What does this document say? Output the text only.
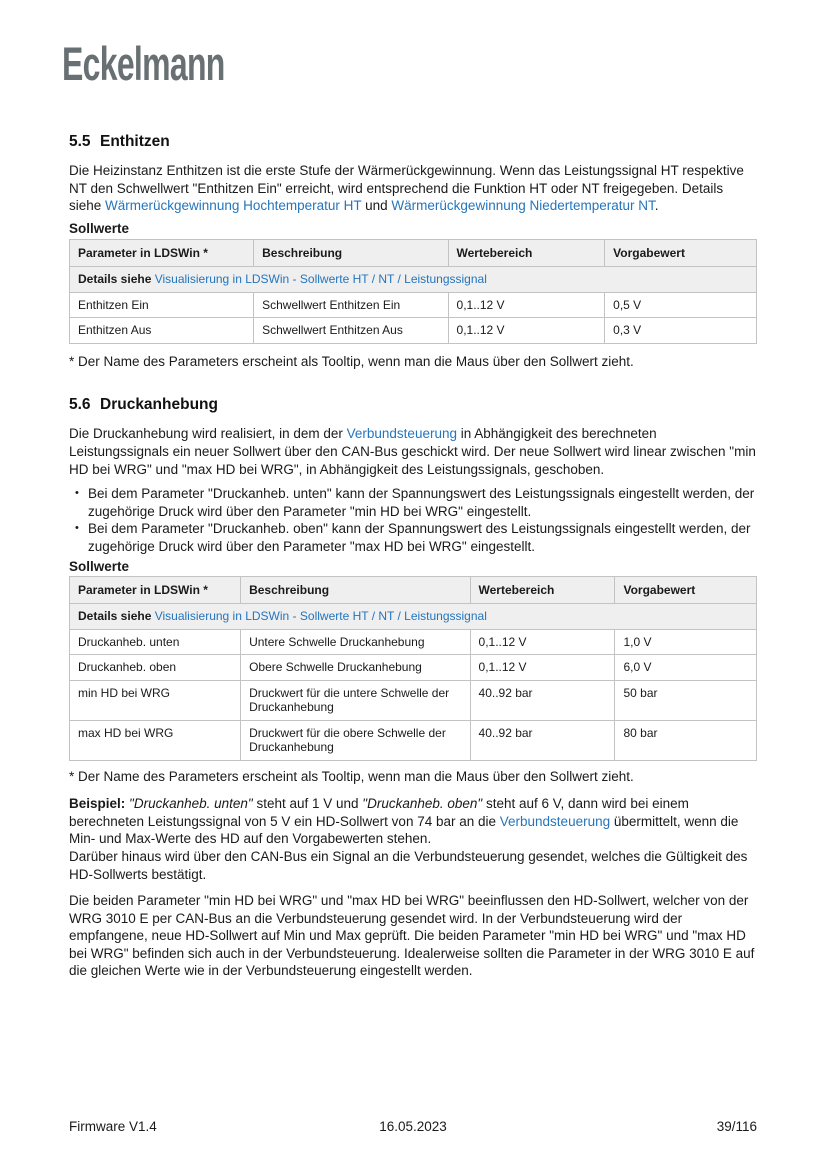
Eckelmann
5.5 Enthitzen

Die Heizinstanz Enthitzen ist die erste Stufe der Wärmerückgewinnung. Wenn das Leistungssignal HT respektive NT den Schwellwert "Enthitzen Ein" erreicht, wird entsprechend die Funktion HT oder NT freigegeben. Details siehe Wärmerückgewinnung Hochtemperatur HT und Wärmerückgewinnung Niedertemperatur NT.

Sollwerte
Parameter in LDSWin *	Beschreibung	Wertebereich	Vorgabewert
Details siehe Visualisierung in LDSWin - Sollwerte HT / NT / Leistungssignal			
Enthitzen Ein	Schwellwert Enthitzen Ein	0,1..12 V	0,5 V
Enthitzen Aus	Schwellwert Enthitzen Aus	0,1..12 V	0,3 V

* Der Name des Parameters erscheint als Tooltip, wenn man die Maus über den Sollwert zieht.

5.6 Druckanhebung

Die Druckanhebung wird realisiert, in dem der Verbundsteuerung in Abhängigkeit des berechneten Leistungssignals ein neuer Sollwert über den CAN-Bus geschickt wird. Der neue Sollwert wird linear zwischen "min HD bei WRG" und "max HD bei WRG", in Abhängigkeit des Leistungssignals, geschoben.

• Bei dem Parameter "Druckanheb. unten" kann der Spannungswert des Leistungssignals eingestellt werden, der zugehörige Druck wird über den Parameter "min HD bei WRG" eingestellt.
• Bei dem Parameter "Druckanheb. oben" kann der Spannungswert des Leistungssignals eingestellt werden, der zugehörige Druck wird über den Parameter "max HD bei WRG" eingestellt.
Sollwerte
Parameter in LDSWin *	Beschreibung	Wertebereich	Vorgabewert
Details siehe Visualisierung in LDSWin - Sollwerte HT / NT / Leistungssignal			
Druckanheb. unten	Untere Schwelle Druckanhebung	0,1..12 V	1,0 V
Druckanheb. oben	Obere Schwelle Druckanhebung	0,1..12 V	6,0 V
min HD bei WRG	Druckwert für die untere Schwelle der Druckanhebung	40..92 bar	50 bar
max HD bei WRG	Druckwert für die obere Schwelle der Druckanhebung	40..92 bar	80 bar

* Der Name des Parameters erscheint als Tooltip, wenn man die Maus über den Sollwert zieht.

Beispiel: "Druckanheb. unten" steht auf 1 V und "Druckanheb. oben" steht auf 6 V, dann wird bei einem berechneten Leistungssignal von 5 V ein HD-Sollwert von 74 bar an die Verbundsteuerung übermittelt, wenn die Min- und Max-Werte des HD auf den Vorgabewerten stehen.
Darüber hinaus wird über den CAN-Bus ein Signal an die Verbundsteuerung gesendet, welches die Gültigkeit des HD-Sollwerts bestätigt.

Die beiden Parameter "min HD bei WRG" und "max HD bei WRG" beeinflussen den HD-Sollwert, welcher von der WRG 3010 E per CAN-Bus an die Verbundsteuerung gesendet wird. In der Verbundsteuerung wird der empfangene, neue HD-Sollwert auf Min und Max geprüft. Die beiden Parameter "min HD bei WRG" und "max HD bei WRG" befinden sich auch in der Verbundsteuerung. Idealerweise sollten die Parameter in der WRG 3010 E auf die gleichen Werte wie in der Verbundsteuerung eingestellt werden.

Firmware V1.4	16.05.2023	39/116
